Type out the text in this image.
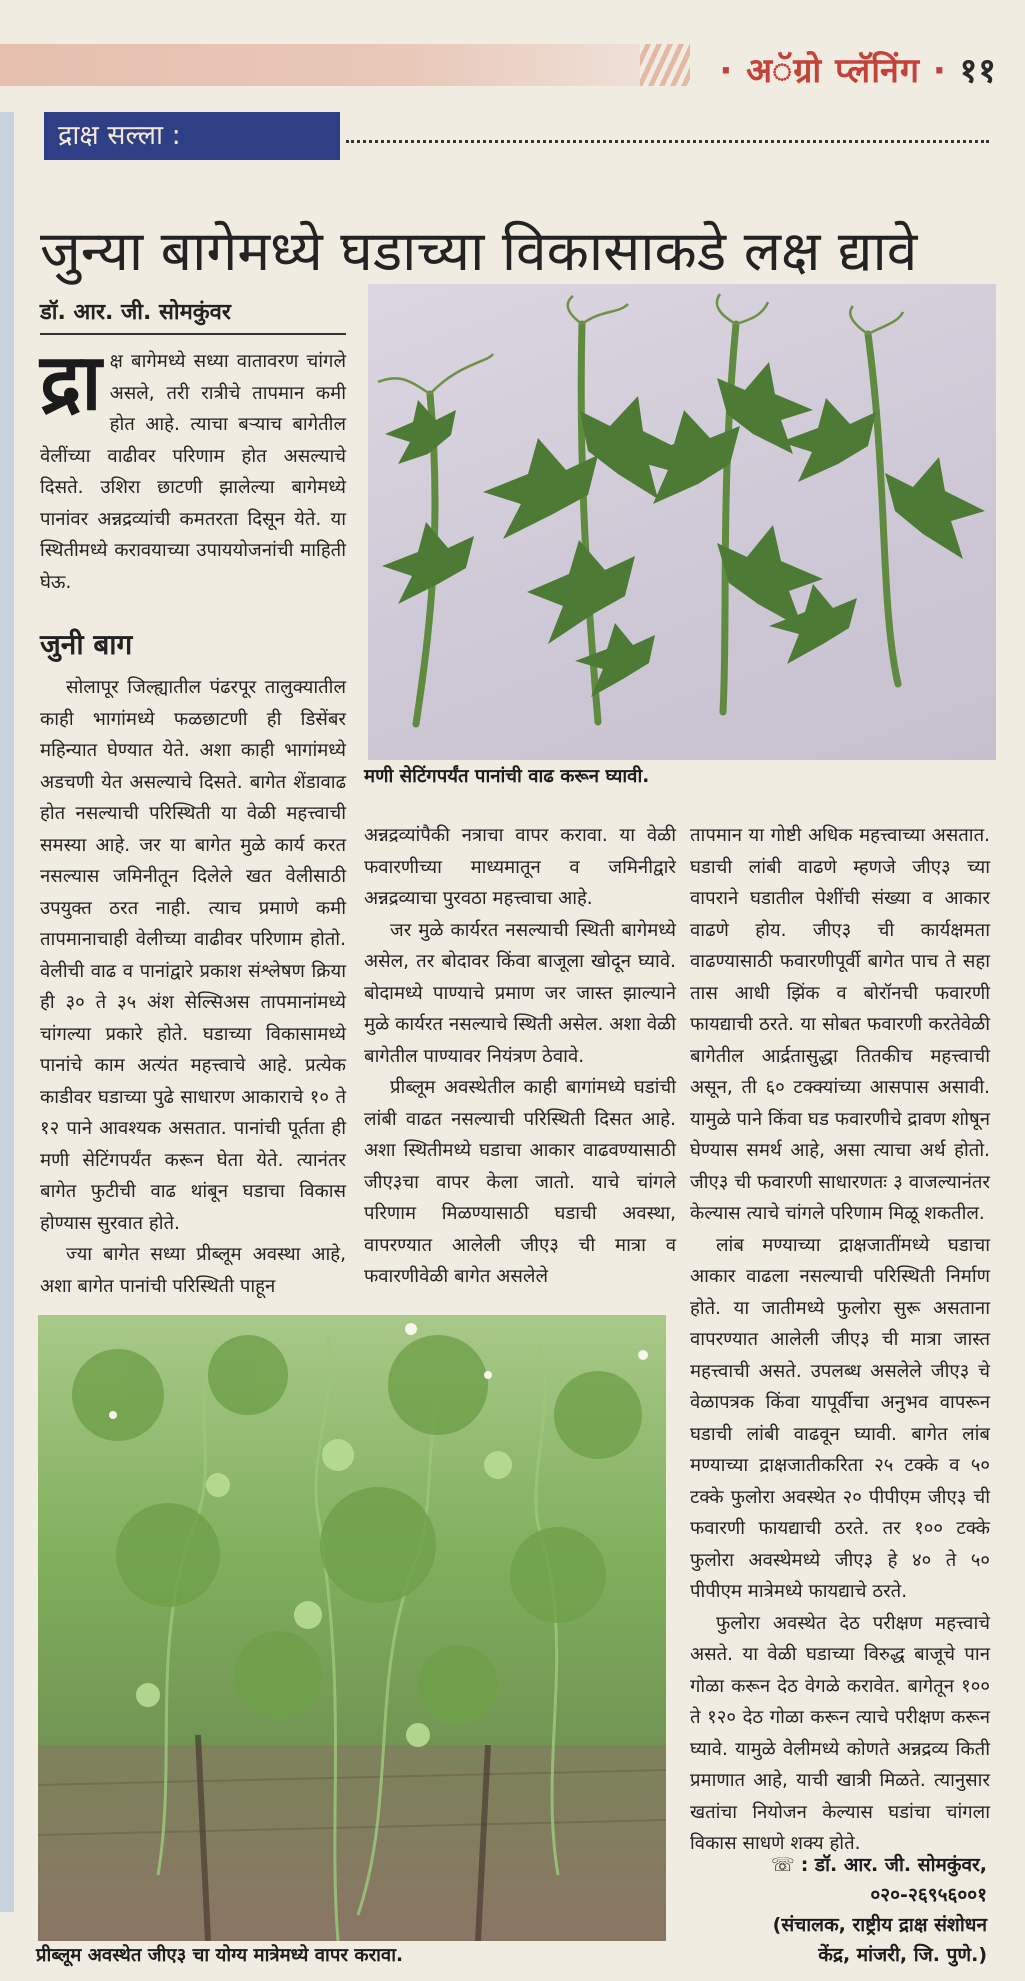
· अॅग्रो प्लॅनिंग · ११
द्राक्ष सल्ला :
जुन्या बागेमध्ये घडाच्या विकासाकडे लक्ष द्यावे
डॉ. आर. जी. सोमकुंवर

द्रा क्ष बागेमध्ये सध्या वातावरण चांगले असले, तरी रात्रीचे तापमान कमी होत आहे. त्याचा बऱ्याच बागेतील वेलींच्या वाढीवर परिणाम होत असल्याचे दिसते. उशिरा छाटणी झालेल्या बागेमध्ये पानांवर अन्नद्रव्यांची कमतरता दिसून येते. या स्थितीमध्ये करावयाच्या उपाययोजनांची माहिती घेऊ.

जुनी बाग

सोलापूर जिल्ह्यातील पंढरपूर तालुक्यातील काही भागांमध्ये फळछाटणी ही डिसेंबर महिन्यात घेण्यात येते. अशा काही भागांमध्ये अडचणी येत असल्याचे दिसते. बागेत शेंडावाढ होत नसल्याची परिस्थिती या वेळी महत्त्वाची समस्या आहे. जर या बागेत मुळे कार्य करत नसल्यास जमिनीतून दिलेले खत वेलीसाठी उपयुक्त ठरत नाही. त्याच प्रमाणे कमी तापमानाचाही वेलीच्या वाढीवर परिणाम होतो. वेलीची वाढ व पानांद्वारे प्रकाश संश्लेषण क्रिया ही ३० ते ३५ अंश सेल्सिअस तापमानांमध्ये चांगल्या प्रकारे होते. घडाच्या विकासामध्ये पानांचे काम अत्यंत महत्त्वाचे आहे. प्रत्येक काडीवर घडाच्या पुढे साधारण आकाराचे १० ते १२ पाने आवश्यक असतात. पानांची पूर्तता ही मणी सेटिंगपर्यंत करून घेता येते. त्यानंतर बागेत फुटीची वाढ थांबून घडाचा विकास होण्यास सुरवात होते.

ज्या बागेत सध्या प्रीब्लूम अवस्था आहे, अशा बागेत पानांची परिस्थिती पाहून

मणी सेटिंगपर्यंत पानांची वाढ करून घ्यावी.

अन्नद्रव्यांपैकी नत्राचा वापर करावा. या वेळी फवारणीच्या माध्यमातून व जमिनीद्वारे अन्नद्रव्याचा पुरवठा महत्त्वाचा आहे.

जर मुळे कार्यरत नसल्याची स्थिती बागेमध्ये असेल, तर बोदावर किंवा बाजूला खोदून घ्यावे. बोदामध्ये पाण्याचे प्रमाण जर जास्त झाल्याने मुळे कार्यरत नसल्याचे स्थिती असेल. अशा वेळी बागेतील पाण्यावर नियंत्रण ठेवावे.

प्रीब्लूम अवस्थेतील काही बागांमध्ये घडांची लांबी वाढत नसल्याची परिस्थिती दिसत आहे. अशा स्थितीमध्ये घडाचा आकार वाढवण्यासाठी जीए३चा वापर केला जातो. याचे चांगले परिणाम मिळण्यासाठी घडाची अवस्था, वापरण्यात आलेली जीए३ ची मात्रा व फवारणीवेळी बागेत असलेले

तापमान या गोष्टी अधिक महत्त्वाच्या असतात. घडाची लांबी वाढणे म्हणजे जीए३ च्या वापराने घडातील पेशींची संख्या व आकार वाढणे होय. जीए३ ची कार्यक्षमता वाढण्यासाठी फवारणीपूर्वी बागेत पाच ते सहा तास आधी झिंक व बोरॉनची फवारणी फायद्याची ठरते. या सोबत फवारणी करतेवेळी बागेतील आर्द्रतासुद्धा तितकीच महत्त्वाची असून, ती ६० टक्क्यांच्या आसपास असावी. यामुळे पाने किंवा घड फवारणीचे द्रावण शोषून घेण्यास समर्थ आहे, असा त्याचा अर्थ होतो. जीए३ ची फवारणी साधारणतः ३ वाजल्यानंतर केल्यास त्याचे चांगले परिणाम मिळू शकतील.

लांब मण्याच्या द्राक्षजातींमध्ये घडाचा आकार वाढला नसल्याची परिस्थिती निर्माण होते. या जातीमध्ये फुलोरा सुरू असताना वापरण्यात आलेली जीए३ ची मात्रा जास्त महत्त्वाची असते. उपलब्ध असलेले जीए३ चे वेळापत्रक किंवा यापूर्वीचा अनुभव वापरून घडाची लांबी वाढवून घ्यावी. बागेत लांब मण्याच्या द्राक्षजातीकरिता २५ टक्के व ५० टक्के फुलोरा अवस्थेत २० पीपीएम जीए३ ची फवारणी फायद्याची ठरते. तर १०० टक्के फुलोरा अवस्थेमध्ये जीए३ हे ४० ते ५० पीपीएम मात्रेमध्ये फायद्याचे ठरते.

फुलोरा अवस्थेत देठ परीक्षण महत्त्वाचे असते. या वेळी घडाच्या विरुद्ध बाजूचे पान गोळा करून देठ वेगळे करावेत. बागेतून १०० ते १२० देठ गोळा करून त्याचे परीक्षण करून घ्यावे. यामुळे वेलीमध्ये कोणते अन्नद्रव्य किती प्रमाणात आहे, याची खात्री मिळते. त्यानुसार खतांचा नियोजन केल्यास घडांचा चांगला विकास साधणे शक्य होते.

प्रीब्लूम अवस्थेत जीए३ चा योग्य मात्रेमध्ये वापर करावा.
☏ : डॉ. आर. जी. सोमकुंवर,
०२०-२६९५६००१
(संचालक, राष्ट्रीय द्राक्ष संशोधन
केंद्र, मांजरी, जि. पुणे.)
